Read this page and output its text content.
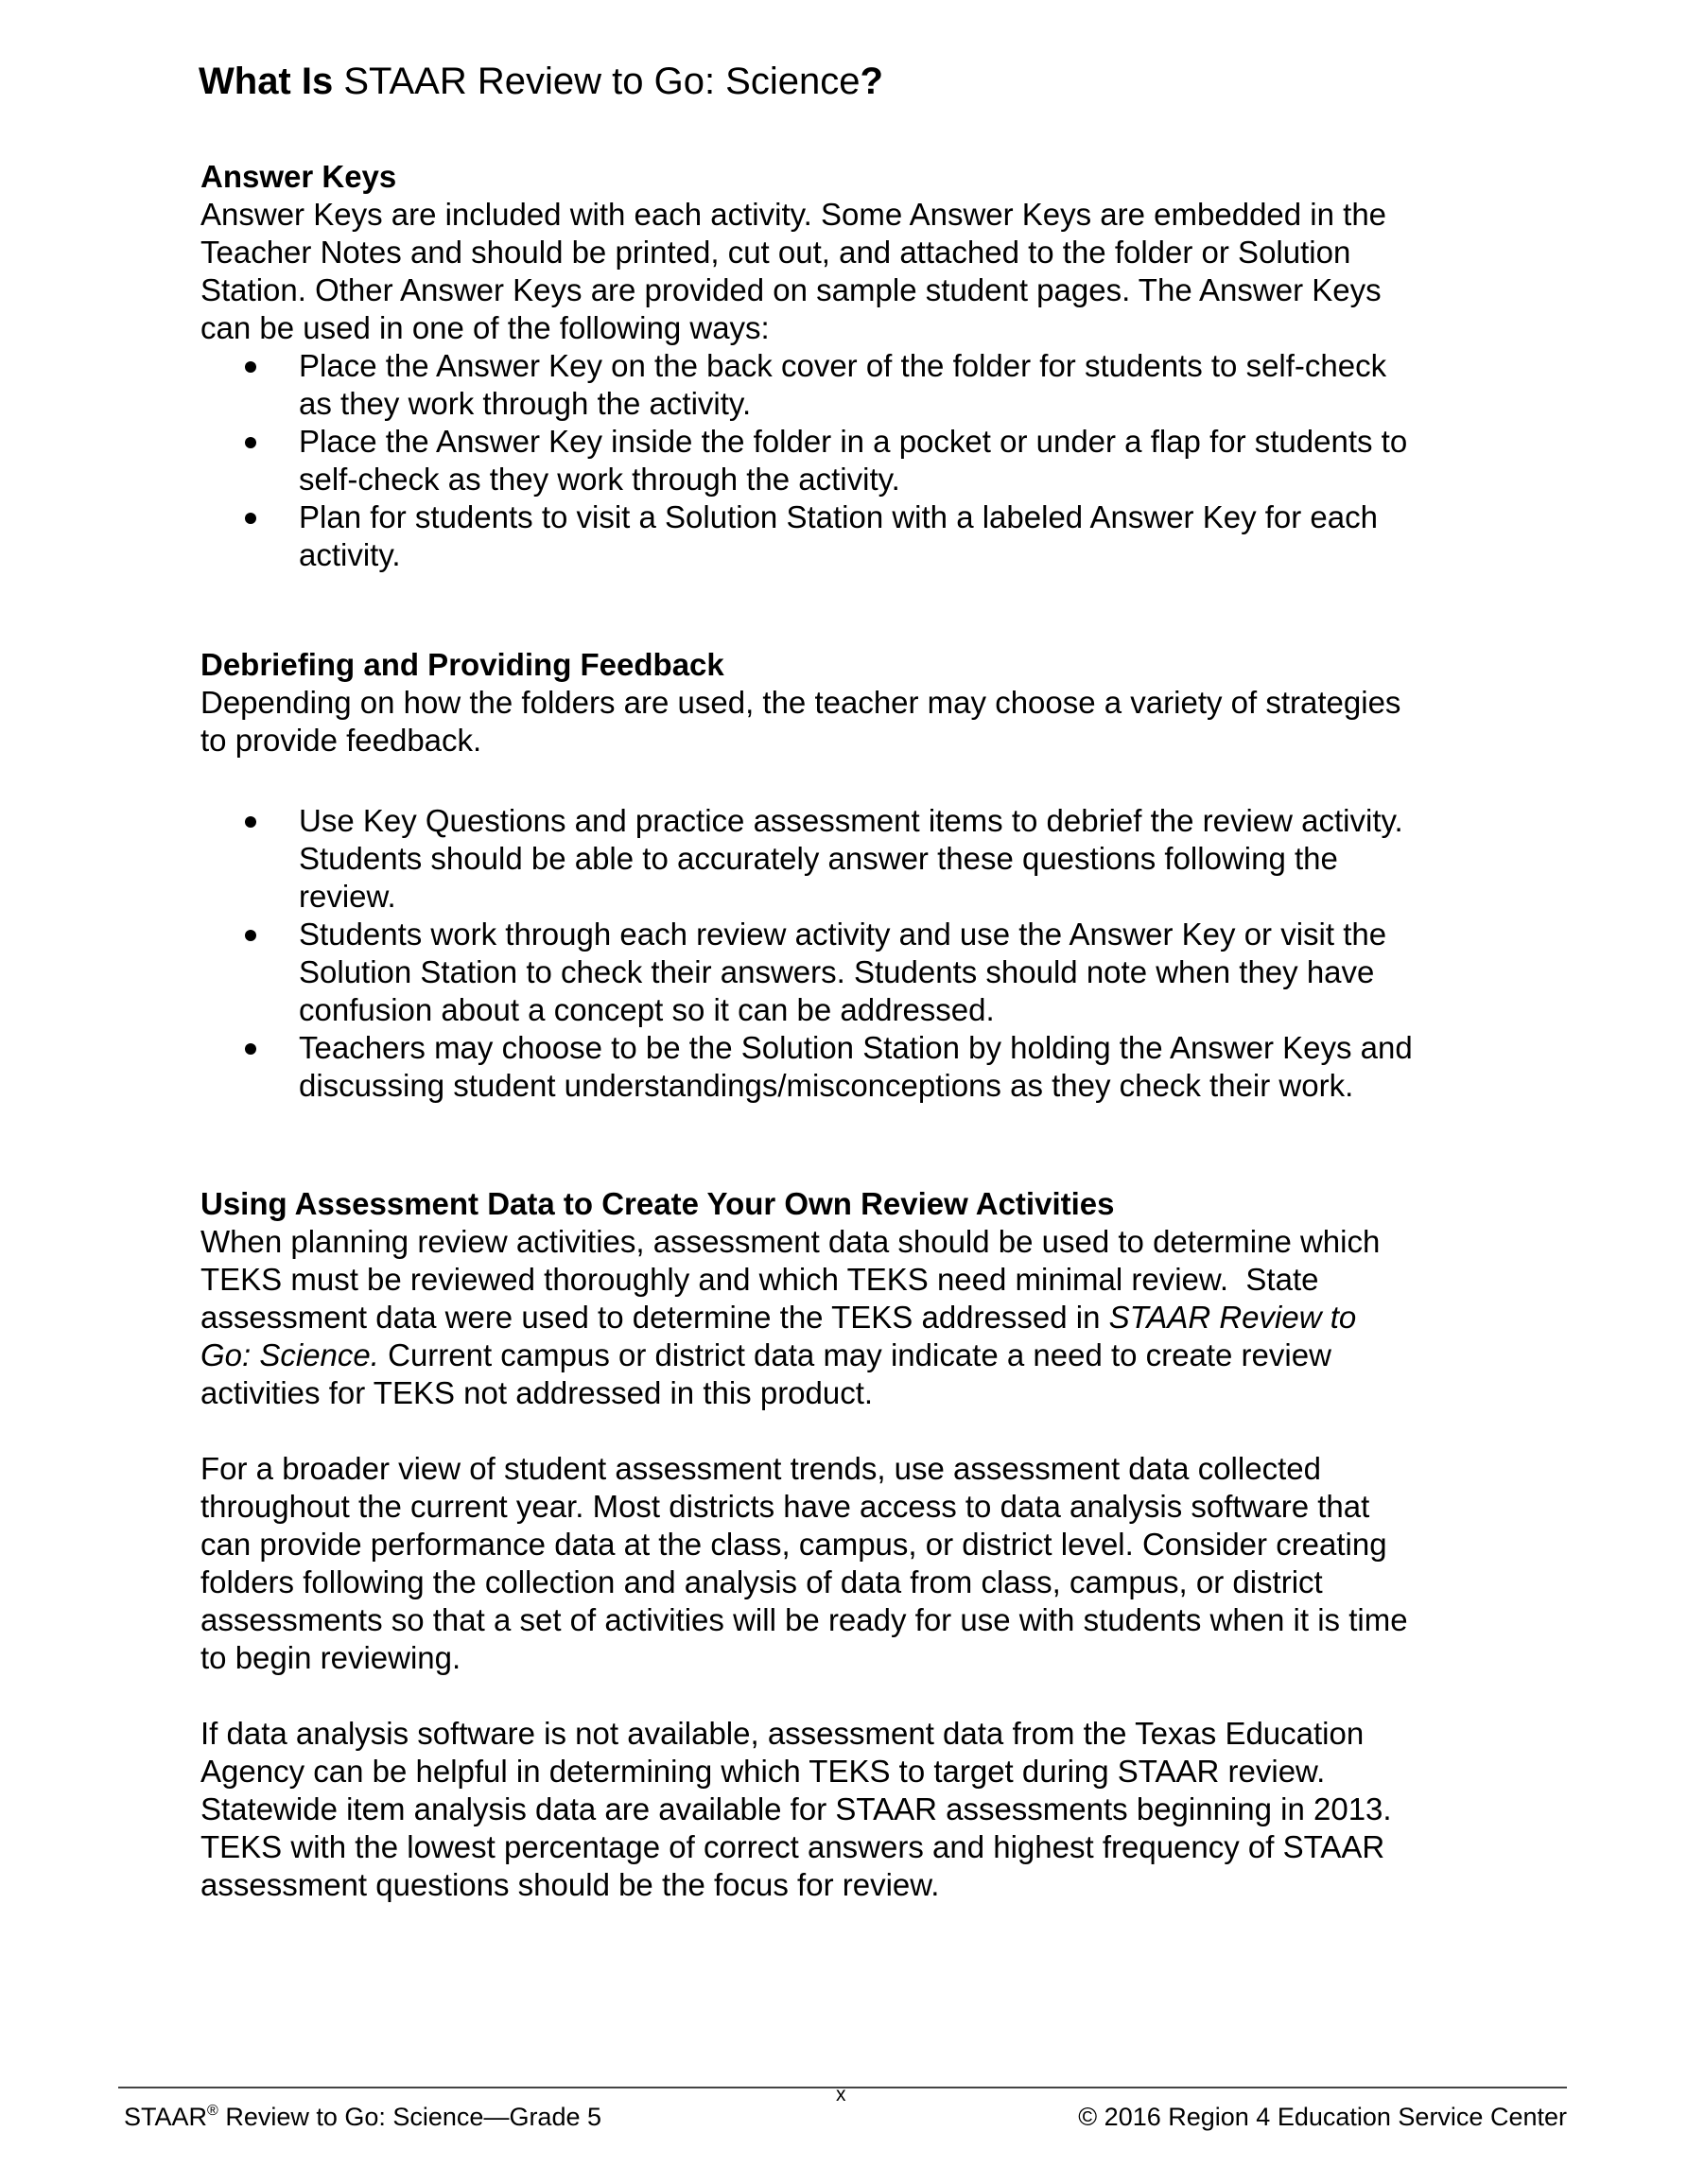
What Is STAAR Review to Go: Science?
Answer Keys
Answer Keys are included with each activity. Some Answer Keys are embedded in the
Teacher Notes and should be printed, cut out, and attached to the folder or Solution
Station. Other Answer Keys are provided on sample student pages. The Answer Keys
can be used in one of the following ways:
Place the Answer Key on the back cover of the folder for students to self-check
as they work through the activity.
Place the Answer Key inside the folder in a pocket or under a flap for students to
self-check as they work through the activity.
Plan for students to visit a Solution Station with a labeled Answer Key for each
activity.
Debriefing and Providing Feedback
Depending on how the folders are used, the teacher may choose a variety of strategies
to provide feedback.
Use Key Questions and practice assessment items to debrief the review activity.
Students should be able to accurately answer these questions following the
review.
Students work through each review activity and use the Answer Key or visit the
Solution Station to check their answers. Students should note when they have
confusion about a concept so it can be addressed.
Teachers may choose to be the Solution Station by holding the Answer Keys and
discussing student understandings/misconceptions as they check their work.
Using Assessment Data to Create Your Own Review Activities
When planning review activities, assessment data should be used to determine which
TEKS must be reviewed thoroughly and which TEKS need minimal review.  State
assessment data were used to determine the TEKS addressed in STAAR Review to
Go: Science. Current campus or district data may indicate a need to create review
activities for TEKS not addressed in this product.
For a broader view of student assessment trends, use assessment data collected
throughout the current year. Most districts have access to data analysis software that
can provide performance data at the class, campus, or district level. Consider creating
folders following the collection and analysis of data from class, campus, or district
assessments so that a set of activities will be ready for use with students when it is time
to begin reviewing.
If data analysis software is not available, assessment data from the Texas Education
Agency can be helpful in determining which TEKS to target during STAAR review.
Statewide item analysis data are available for STAAR assessments beginning in 2013.
TEKS with the lowest percentage of correct answers and highest frequency of STAAR
assessment questions should be the focus for review.
STAAR® Review to Go: Science—Grade 5
x
© 2016 Region 4 Education Service Center
